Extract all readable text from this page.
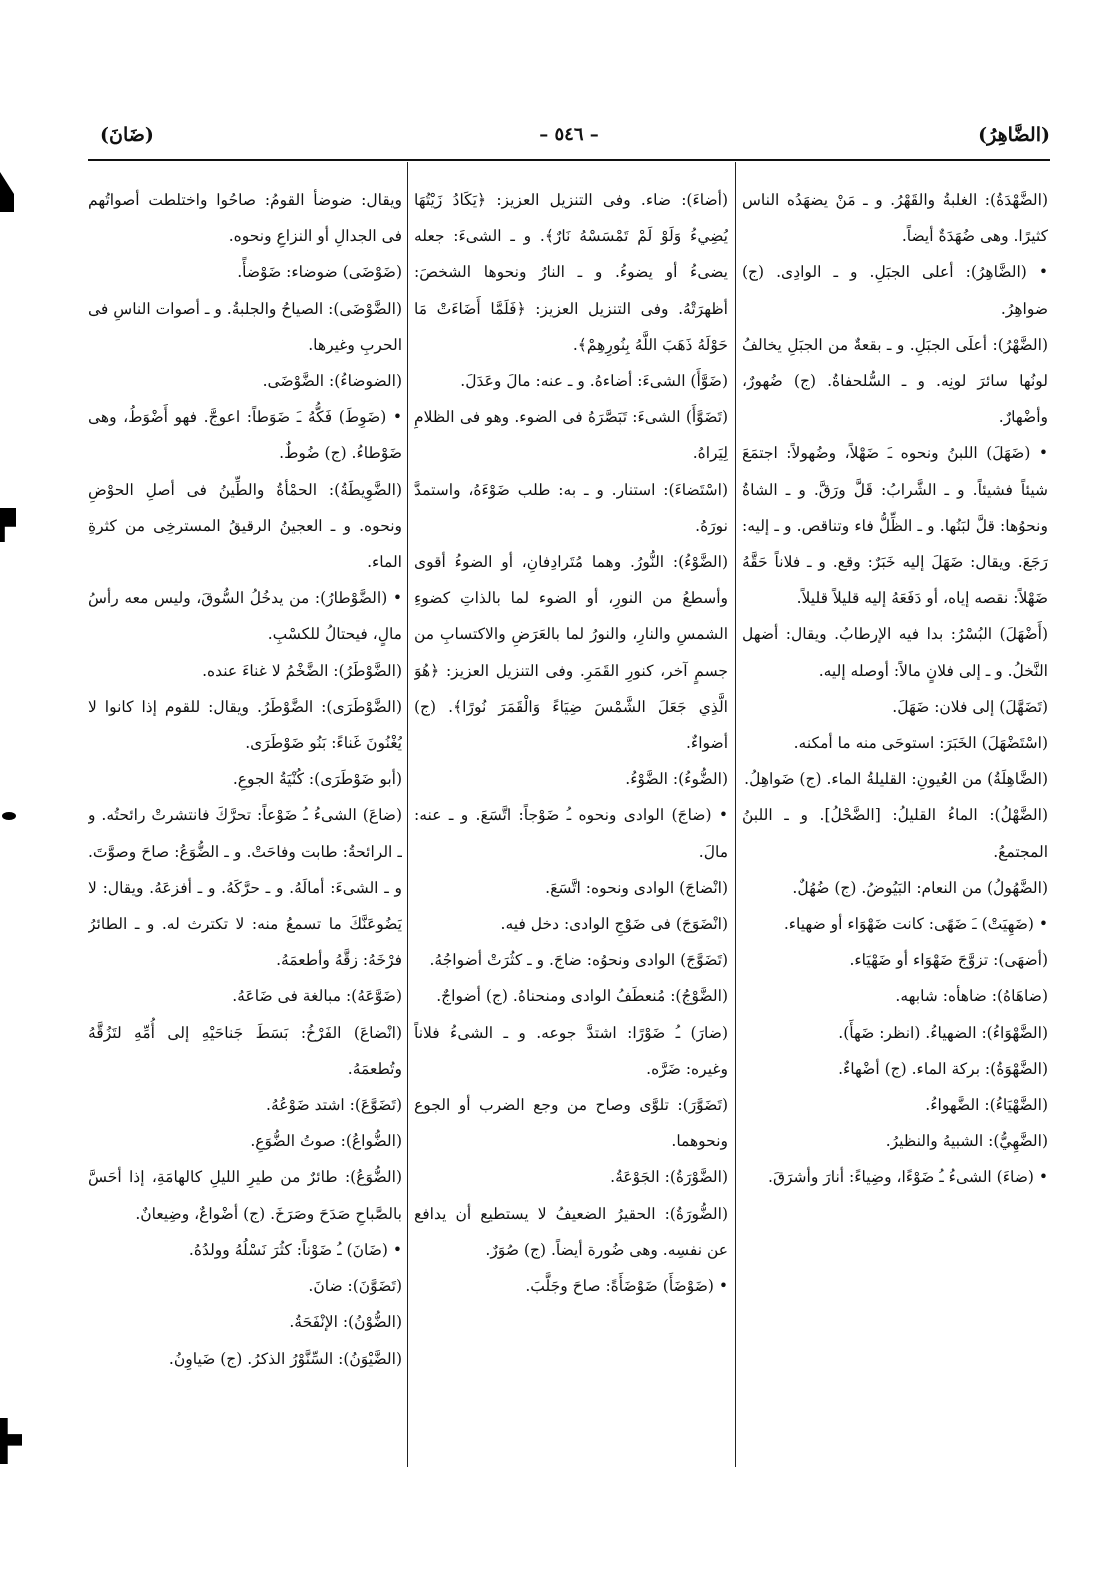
(ضَانَ)	– ٥٤٦ –	(الضَّاهِرُ)

(الضَّهْدَةُ): الغلبةُ والقَهْرُ. و ـ مَنْ يضهَدُه الناس كثيرًا. وهى ضُهَدَةٌ أيضاً.

• (الضَّاهِرُ): أعلى الجبَلِ. و ـ الوادِى. (ج) ضواهِرُ.

(الضَّهْرُ): أعلَى الجبَلِ. و ـ بقعةٌ من الجبَلِ يخالفُ لونُها سائرَ لونِه. و ـ السُّلحفاةُ. (ج) ضُهورٌ، وأضْهارٌ.

• (ضَهَلَ) اللبنُ ونحوه ـَ ضَهْلاً، وضُهولاً: اجتمَعَ شيئاً فشيئاً. و ـ الشَّرابُ: قَلَّ ورَقَّ. و ـ الشاةُ ونحوُها: قلَّ لبَنُها. و ـ الظِّلُّ فاء وتناقص. و ـ إليه: رَجَعَ. ويقال: ضَهَلَ إليه خَبَرٌ: وقع. و ـ فلاناً حَقَّهُ ضَهْلاً: نقصه إياه، أو دَفَعَهُ إليه قليلاً قليلاً.

(أَضْهَلَ) البُسْرُ: بدا فيه الإرطابُ. ويقال: أضهل النَّخلُ. و ـ إلى فلانٍ مالاً: أوصله إليه.

(تَضَهَّلَ) إلى فلان: ضَهَلَ.

(اسْتَضْهَلَ) الخَبَرَ: استوحَى منه ما أمكنه.

(الضَّاهِلَةُ) من العُيونِ: القليلةُ الماء. (ج) ضَواهِلُ.

(الضَّهْلُ): الماءُ القليلُ: [الضَّحْلُ]. و ـ اللبنُ المجتمعُ.

(الضَّهُولُ) من النعام: البَيُوضُ. (ج) ضُهُلٌ.

• (ضَهِيَتْ) ـَ ضَهًى: كانت ضَهْوَاء أو ضهياء.

(أضهَى): تزوَّجَ ضَهْوَاء أو ضَهْيَاء.

(ضاهَاهُ): ضاهأه: شابهه.

(الضَّهْوَاءُ): الضهياءُ. (انظر: ضَهأَ).

(الضَّهْوَةُ): بركة الماء. (ج) أضْهاءٌ.

(الضَّهْيَاءُ): الضَّهواءُ.

(الضَّهِيُّ): الشبيهُ والنظيرُ.

• (ضاءَ) الشىءُ ـُ ضَوْءًا، وضِياءً: أنارَ وأشرَقَ.

(أضاءَ): ضاء. وفى التنزيل العزيز: ﴿يَكَادُ زَيْتُهَا يُضِيءُ وَلَوْ لَمْ تَمْسَسْهُ نَارٌ﴾. و ـ الشىءَ: جعله يضىءُ أو يضوءُ. و ـ النارُ ونحوها الشخصَ: أظهرَتْهُ. وفى التنزيل العزيز: ﴿فَلَمَّا أَضَاءَتْ مَا حَوْلَهُ ذَهَبَ اللَّهُ بِنُورِهِمْ﴾.

(ضَوَّأَ) الشىءَ: أضاءهُ. و ـ عنه: مالَ وعَدَلَ.

(تَضَوَّأَ) الشىءَ: تَبَصَّرَهُ فى الضوء. وهو فى الظلامِ لِيَراهُ.

(اسْتَضاءَ): استنار. و ـ به: طلب ضَوْءَهُ، واستمدَّ نورَهُ.

(الضَّوْءُ): النُّورُ. وهما مُتَرادِفانِ، أو الضوءُ أقوى وأسطعُ من النورِ، أو الضوء لما بالذاتِ كضوءِ الشمسِ والنارِ، والنورُ لما بالعَرَضِ والاكتسابِ من جسمٍ آخر، كنورِ القَمَرِ. وفى التنزيل العزيز: ﴿هُوَ الَّذِي جَعَلَ الشَّمْسَ ضِيَاءً وَالْقَمَرَ نُورًا﴾. (ج) أضواءٌ.

(الضُّوءُ): الضَّوْءُ.

• (ضاجَ) الوادى ونحوه ـُ ضَوْجاً: اتَّسَعَ. و ـ عنه: مالَ.

(انْضاجَ) الوادى ونحوه: اتَّسَعَ.

(انْضَوَجَ) فى ضَوْجِ الوادى: دخل فيه.

(تَضَوَّجَ) الوادى ونحوُه: ضاجَ. و ـ كثُرَتْ أضواجُهُ.

(الضَّوْجُ): مُنعطَفُ الوادى ومنحناهُ. (ج) أضواجٌ.

(ضارَ) ـُ ضَوْرًا: اشتدَّ جوعه. و ـ الشىءُ فلاناً وغيره: ضَرَّه.

(تَضَوَّرَ): تلوَّى وصاح من وجع الضرب أو الجوع ونحوهما.

(الضَّوْرَةُ): الجَوْعَةُ.

(الضُّورَةُ): الحقيرُ الضعيفُ لا يستطيع أن يدافع عن نفسِه. وهى ضُورة أيضاً. (ج) صُوَرٌ.

• (ضَوْضَأَ) ضَوْضَأَةً: صاحَ وجَلَّبَ.

ويقال: ضوضأ القومُ: صاحُوا واختلطت أصواتُهم فى الجدالِ أو النزاعِ ونحوه.

(ضَوْضَى) ضوضاء: ضَوْضأً.

(الضَّوْضَى): الصياحُ والجلبةُ. و ـ أصوات الناسِ فى الحربِ وغيرها.

(الضوضاءُ): الضَّوْضَى.

• (ضَوِطَ) فَكُّهُ ـَ ضَوَطاً: اعوجَّ. فهو أَضْوَطُ، وهى ضَوْطاءُ. (ج) ضُوطٌ.

(الضَّوِيطَةُ): الحمْأةُ والطِّينُ فى أصلِ الحوْضِ ونحوه. و ـ العجينُ الرقيقُ المسترخِى من كثرةِ الماء.

• (الضَّوْطارُ): من يدخُلُ السُّوقَ، وليس معه رأسُ مالٍ، فيحتالُ للكسْبِ.

(الضَّوْطَرُ): الضَّخْمُ لا غناءَ عنده.

(الضَّوْطَرَى): الضَّوْطَرُ. ويقال: للقوم إذا كانوا لا يُغْنُونَ غَناءً: بَنُو ضَوْطَرَى.

(أبو ضَوْطَرَى): كُنْيَةُ الجوعِ.

(ضاعَ) الشىءُ ـُ ضَوْعاً: تحرَّكَ فانتشرتْ رائحتُه. و ـ الرائحةُ: طابت وفاحَتْ. و ـ الضُّوَعُ: صاحَ وصوَّتَ. و ـ الشىءَ: أمالَهُ. و ـ حرَّكَهُ. و ـ أفزعَهُ. ويقال: لا يَضُوعَنَّكَ ما تسمعُ منه: لا تكترث له. و ـ الطائرُ فرْخَهُ: زقَّهُ وأطعمَهُ.

(ضَوَّعَهُ): مبالغة فى ضَاعَهُ.

(انْضاعَ) الفَرْخُ: بَسَطَ جَناحَيْهِ إلى أُمِّهِ لتَزُقَّهُ وتُطعمَهُ.

(تَضَوَّعَ): اشتد ضَوْعُهُ.

(الضُّواعُ): صوتُ الضُّوَعِ.

(الضُّوَعُ): طائرٌ من طيرِ الليلِ كالهامَةِ، إذا أحَسَّ بالصَّباحِ صَدَحَ وصَرَخَ. (ج) أضْواعٌ، وضِيعانٌ.

• (ضَانَ) ـُ ضَوْناً: كثُرَ نَسْلُهُ وولدُهُ.

(تَضَوَّنَ): ضانَ.

(الضُّوْنُ): الإنْفَحَةُ.

(الضَّيْوَنُ): السِّنَّوْرُ الذكرُ. (ج) ضَياوِنُ.
